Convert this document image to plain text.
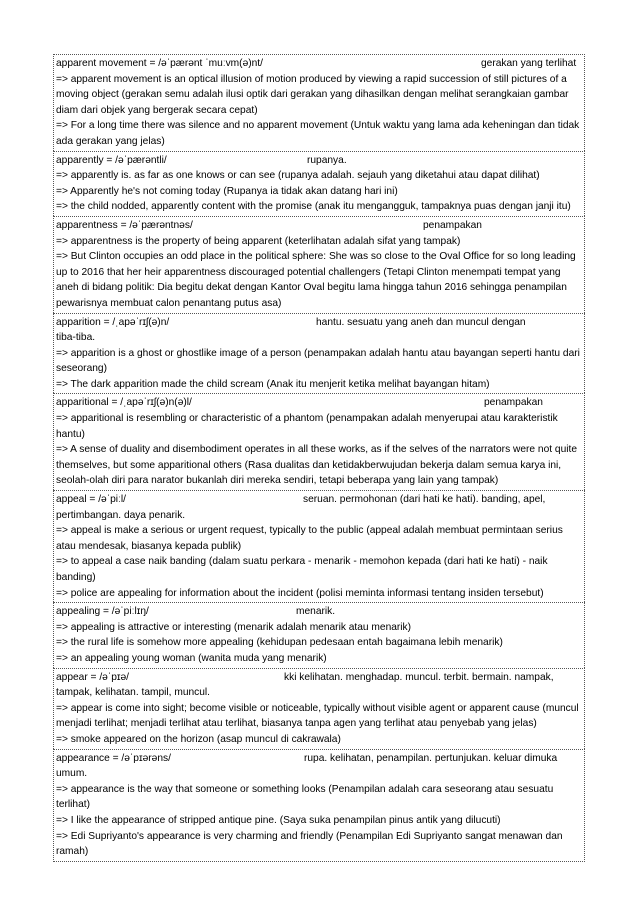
apparent movement = /əˈpærənt ˈmuːvm(ə)nt/	gerakan yang terlihat

=> apparent movement is an optical illusion of motion produced by viewing a rapid succession of still pictures of a moving object (gerakan semu adalah ilusi optik dari gerakan yang dihasilkan dengan melihat serangkaian gambar diam dari objek yang bergerak secara cepat)

=> For a long time there was silence and no apparent movement (Untuk waktu yang lama ada keheningan dan tidak ada gerakan yang jelas)

apparently = /əˈpærəntli/	rupanya.

=> apparently is. as far as one knows or can see (rupanya adalah. sejauh yang diketahui atau dapat dilihat)

=> Apparently he's not coming today (Rupanya ia tidak akan datang hari ini)

=> the child nodded, apparently content with the promise (anak itu mengangguk, tampaknya puas dengan janji itu)

apparentness = /əˈpærəntnəs/	penampakan

=> apparentness is the property of being apparent (keterlihatan adalah sifat yang tampak)

=> But Clinton occupies an odd place in the political sphere: She was so close to the Oval Office for so long leading up to 2016 that her heir apparentness discouraged potential challengers (Tetapi Clinton menempati tempat yang aneh di bidang politik: Dia begitu dekat dengan Kantor Oval begitu lama hingga tahun 2016 sehingga penampilan pewarisnya membuat calon penantang putus asa)

apparition = /ˌapəˈrɪʃ(ə)n/	hantu. sesuatu yang aneh dan muncul dengan

tiba-tiba.

=> apparition is a ghost or ghostlike image of a person (penampakan adalah hantu atau bayangan seperti hantu dari seseorang)

=> The dark apparition made the child scream (Anak itu menjerit ketika melihat bayangan hitam)

apparitional = /ˌapəˈrɪʃ(ə)n(ə)l/	penampakan

=> apparitional is resembling or characteristic of a phantom (penampakan adalah menyerupai atau karakteristik hantu)

=> A sense of duality and disembodiment operates in all these works, as if the selves of the narrators were not quite themselves, but some apparitional others (Rasa dualitas dan ketidakberwujudan bekerja dalam semua karya ini, seolah-olah diri para narator bukanlah diri mereka sendiri, tetapi beberapa yang lain yang tampak)

appeal = /əˈpiːl/	seruan. permohonan (dari hati ke hati). banding, apel,

pertimbangan. daya penarik.

=> appeal is make a serious or urgent request, typically to the public (appeal adalah membuat permintaan serius atau mendesak, biasanya kepada publik)

=> to appeal a case naik banding (dalam suatu perkara - menarik - memohon kepada (dari hati ke hati) - naik banding)

=> police are appealing for information about the incident (polisi meminta informasi tentang insiden tersebut)

appealing = /əˈpiːlɪŋ/	menarik.

=> appealing is attractive or interesting (menarik adalah menarik atau menarik)

=> the rural life is somehow more appealing (kehidupan pedesaan entah bagaimana lebih menarik)

=> an appealing young woman (wanita muda yang menarik)

appear = /əˈpɪə/	kki kelihatan. menghadap. muncul. terbit. bermain. nampak,

tampak, kelihatan. tampil, muncul.

=> appear is come into sight; become visible or noticeable, typically without visible agent or apparent cause (muncul menjadi terlihat; menjadi terlihat atau terlihat, biasanya tanpa agen yang terlihat atau penyebab yang jelas)

=> smoke appeared on the horizon (asap muncul di cakrawala)

appearance = /əˈpɪərəns/	rupa. kelihatan, penampilan. pertunjukan. keluar dimuka

umum.

=> appearance is the way that someone or something looks (Penampilan adalah cara seseorang atau sesuatu terlihat)

=> I like the appearance of stripped antique pine. (Saya suka penampilan pinus antik yang dilucuti)

=> Edi Supriyanto's appearance is very charming and friendly (Penampilan Edi Supriyanto sangat menawan dan ramah)
